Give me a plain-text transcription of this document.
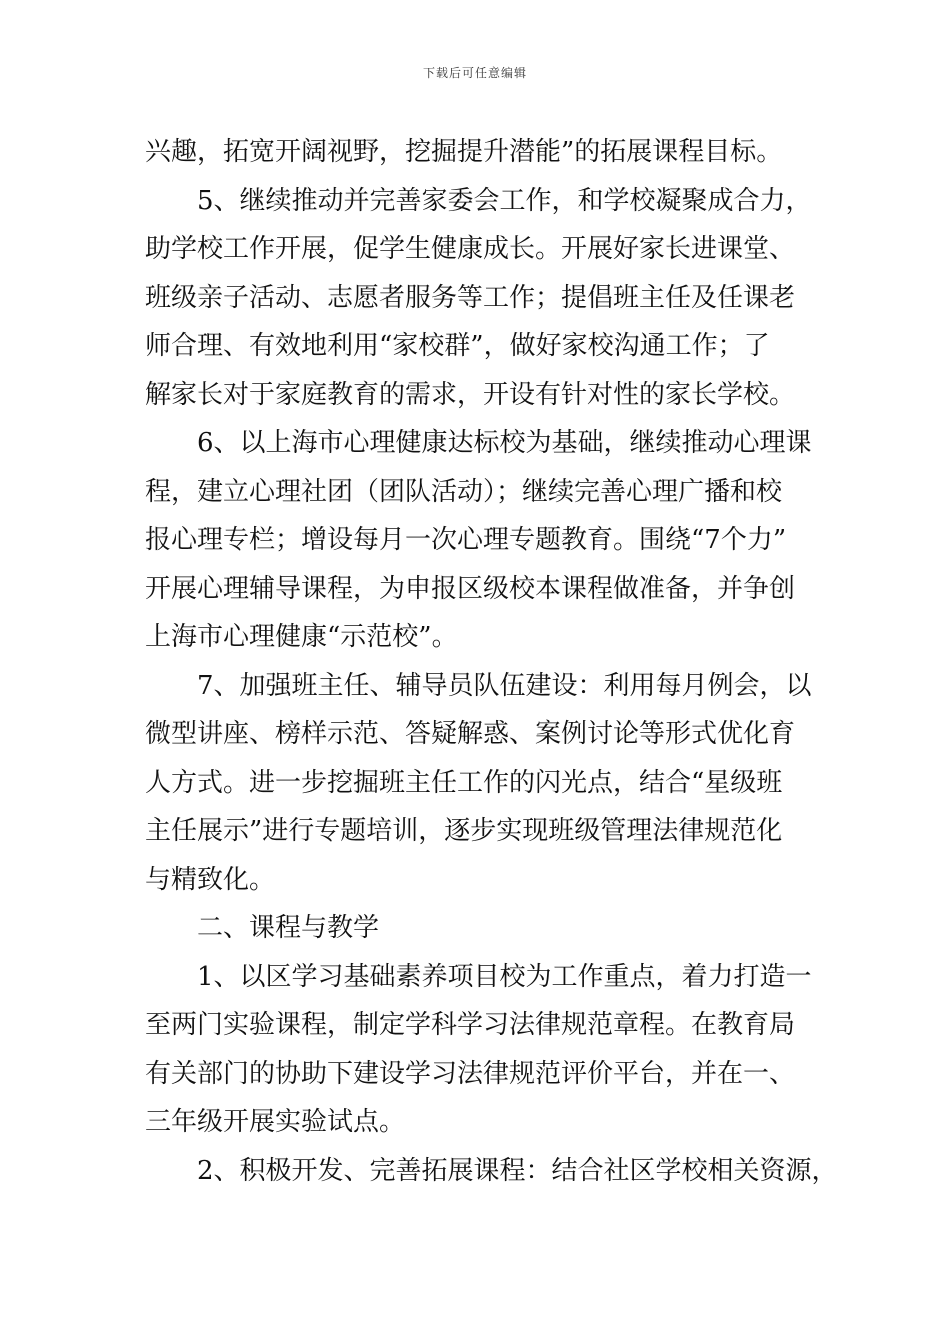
下载后可任意编辑
兴趣，拓宽开阔视野，挖掘提升潜能”的拓展课程目标。
5、继续推动并完善家委会工作，和学校凝聚成合力，
助学校工作开展，促学生健康成长。开展好家长进课堂、
班级亲子活动、志愿者服务等工作；提倡班主任及任课老
师合理、有效地利用“家校群”，做好家校沟通工作；了
解家长对于家庭教育的需求，开设有针对性的家长学校。
6、以上海市心理健康达标校为基础，继续推动心理课
程，建立心理社团（团队活动）；继续完善心理广播和校
报心理专栏；增设每月一次心理专题教育。围绕“7个力”
开展心理辅导课程，为申报区级校本课程做准备，并争创
上海市心理健康“示范校”。
7、加强班主任、辅导员队伍建设：利用每月例会，以
微型讲座、榜样示范、答疑解惑、案例讨论等形式优化育
人方式。进一步挖掘班主任工作的闪光点，结合“星级班
主任展示”进行专题培训，逐步实现班级管理法律规范化
与精致化。
二、课程与教学
1、以区学习基础素养项目校为工作重点，着力打造一
至两门实验课程，制定学科学习法律规范章程。在教育局
有关部门的协助下建设学习法律规范评价平台，并在一、
三年级开展实验试点。
2、积极开发、完善拓展课程：结合社区学校相关资源，
